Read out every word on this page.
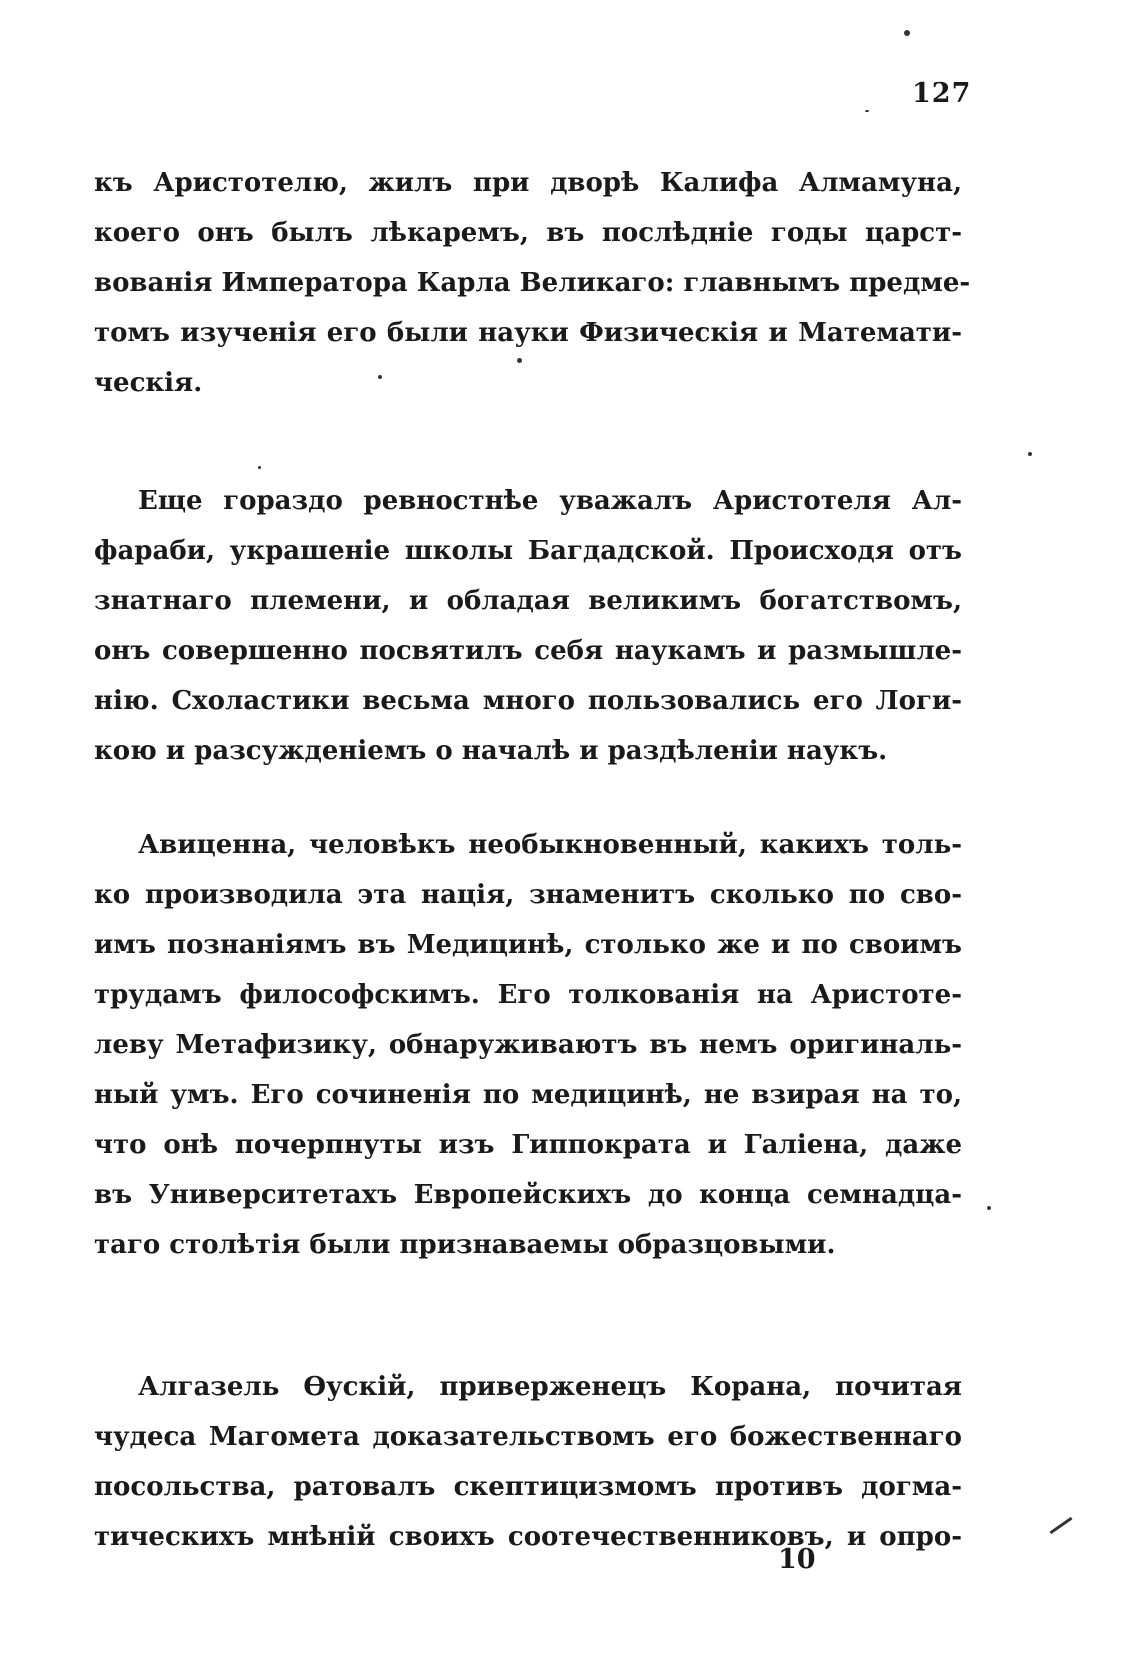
127
къ Аристотелю, жилъ при дворѣ Калифа Алмамуна,
коего онъ былъ лѣкаремъ, въ послѣдніе годы царст-
вованія Императора Карла Великаго: главнымъ предме-
томъ изученія его были науки Физическія и Математи-
ческія.
Еще гораздо ревностнѣе уважалъ Аристотеля Ал-
фараби, украшеніе школы Багдадской. Происходя отъ
знатнаго племени, и обладая великимъ богатствомъ,
онъ совершенно посвятилъ себя наукамъ и размышле-
нію. Схоластики весьма много пользовались его Логи-
кою и разсужденіемъ о началѣ и раздѣленіи наукъ.
Авиценна, человѣкъ необыкновенный, какихъ толь-
ко производила эта нація, знаменитъ сколько по сво-
имъ познаніямъ въ Медицинѣ, столько же и по своимъ
трудамъ философскимъ. Его толкованія на Аристоте-
леву Метафизику, обнаруживаютъ въ немъ оригиналь-
ный умъ. Его сочиненія по медицинѣ, не взирая на то,
что онѣ почерпнуты изъ Гиппократа и Галіена, даже
въ Университетахъ Европейскихъ до конца семнадца-
таго столѣтія были признаваемы образцовыми.
Алгазель Ѳускій, приверженецъ Корана, почитая
чудеса Магомета доказательствомъ его божественнаго
посольства, ратовалъ скептицизмомъ противъ догма-
тическихъ мнѣній своихъ соотечественниковъ, и опро-
10
